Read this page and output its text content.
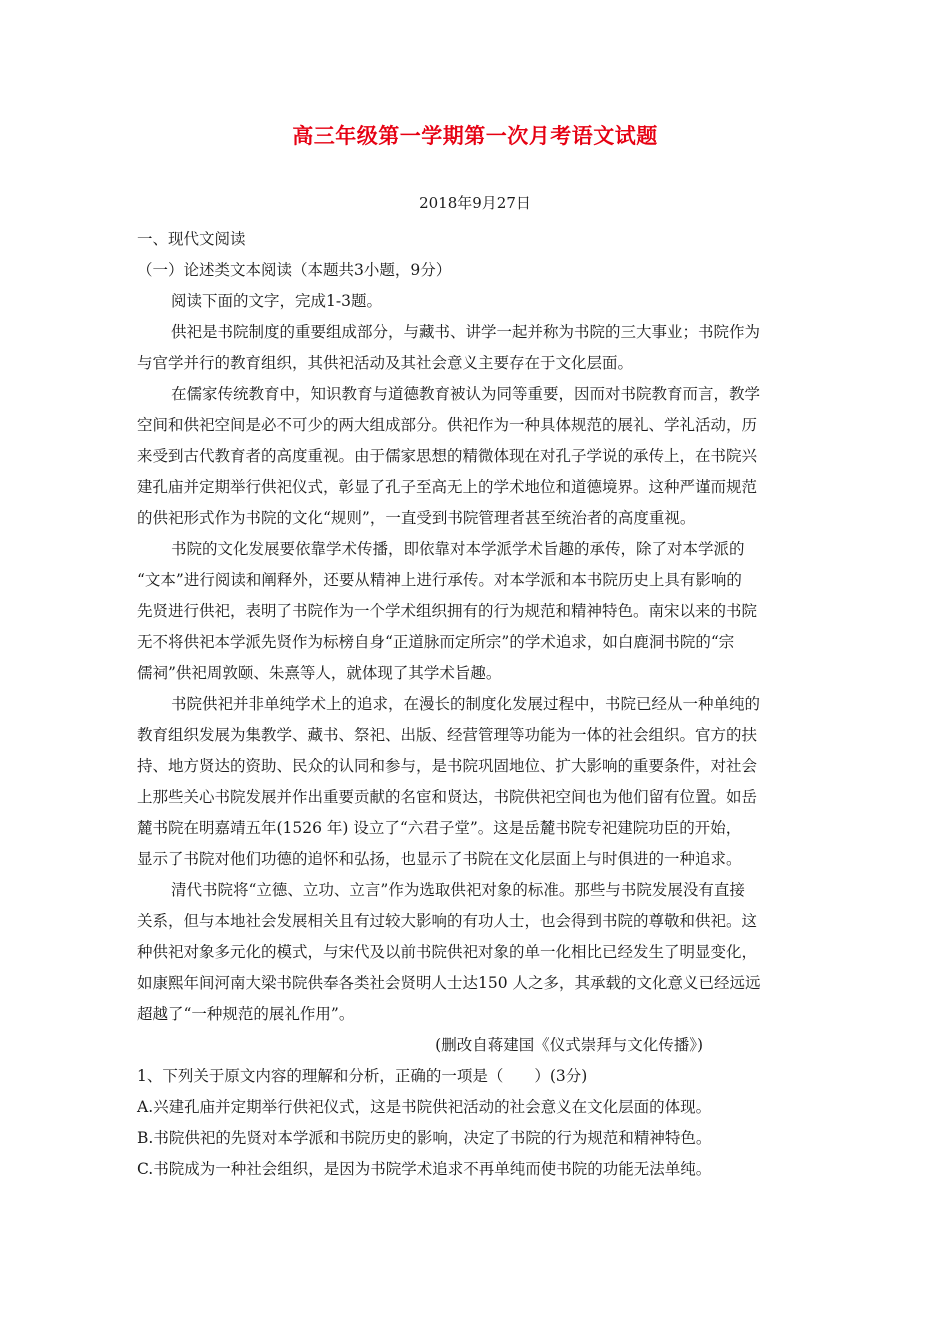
高三年级第一学期第一次月考语文试题
2018年9月27日
一、现代文阅读
（一）论述类文本阅读（本题共3小题，9分）
阅读下面的文字，完成1-3题。
供祀是书院制度的重要组成部分，与藏书、讲学一起并称为书院的三大事业；书院作为
与官学并行的教育组织，其供祀活动及其社会意义主要存在于文化层面。
在儒家传统教育中，知识教育与道德教育被认为同等重要，因而对书院教育而言，教学
空间和供祀空间是必不可少的两大组成部分。供祀作为一种具体规范的展礼、学礼活动，历
来受到古代教育者的高度重视。由于儒家思想的精微体现在对孔子学说的承传上，在书院兴
建孔庙并定期举行供祀仪式，彰显了孔子至高无上的学术地位和道德境界。这种严谨而规范
的供祀形式作为书院的文化“规则”，一直受到书院管理者甚至统治者的高度重视。
书院的文化发展要依靠学术传播，即依靠对本学派学术旨趣的承传，除了对本学派的
“文本”进行阅读和阐释外，还要从精神上进行承传。对本学派和本书院历史上具有影响的
先贤进行供祀，表明了书院作为一个学术组织拥有的行为规范和精神特色。南宋以来的书院
无不将供祀本学派先贤作为标榜自身“正道脉而定所宗”的学术追求，如白鹿洞书院的“宗
儒祠”供祀周敦颐、朱熹等人，就体现了其学术旨趣。
书院供祀并非单纯学术上的追求，在漫长的制度化发展过程中，书院已经从一种单纯的
教育组织发展为集教学、藏书、祭祀、出版、经营管理等功能为一体的社会组织。官方的扶
持、地方贤达的资助、民众的认同和参与，是书院巩固地位、扩大影响的重要条件，对社会
上那些关心书院发展并作出重要贡献的名宦和贤达，书院供祀空间也为他们留有位置。如岳
麓书院在明嘉靖五年(1526 年) 设立了“六君子堂”。这是岳麓书院专祀建院功臣的开始，
显示了书院对他们功德的追怀和弘扬，也显示了书院在文化层面上与时俱进的一种追求。
清代书院将“立德、立功、立言”作为选取供祀对象的标准。那些与书院发展没有直接
关系，但与本地社会发展相关且有过较大影响的有功人士，也会得到书院的尊敬和供祀。这
种供祀对象多元化的模式，与宋代及以前书院供祀对象的单一化相比已经发生了明显变化，
如康熙年间河南大梁书院供奉各类社会贤明人士达150 人之多，其承载的文化意义已经远远
超越了“一种规范的展礼作用”。
(删改自蒋建国《仪式崇拜与文化传播》)
1、下列关于原文内容的理解和分析，正确的一项是（　　）(3分)
A.兴建孔庙并定期举行供祀仪式，这是书院供祀活动的社会意义在文化层面的体现。
B.书院供祀的先贤对本学派和书院历史的影响，决定了书院的行为规范和精神特色。
C.书院成为一种社会组织，是因为书院学术追求不再单纯而使书院的功能无法单纯。
